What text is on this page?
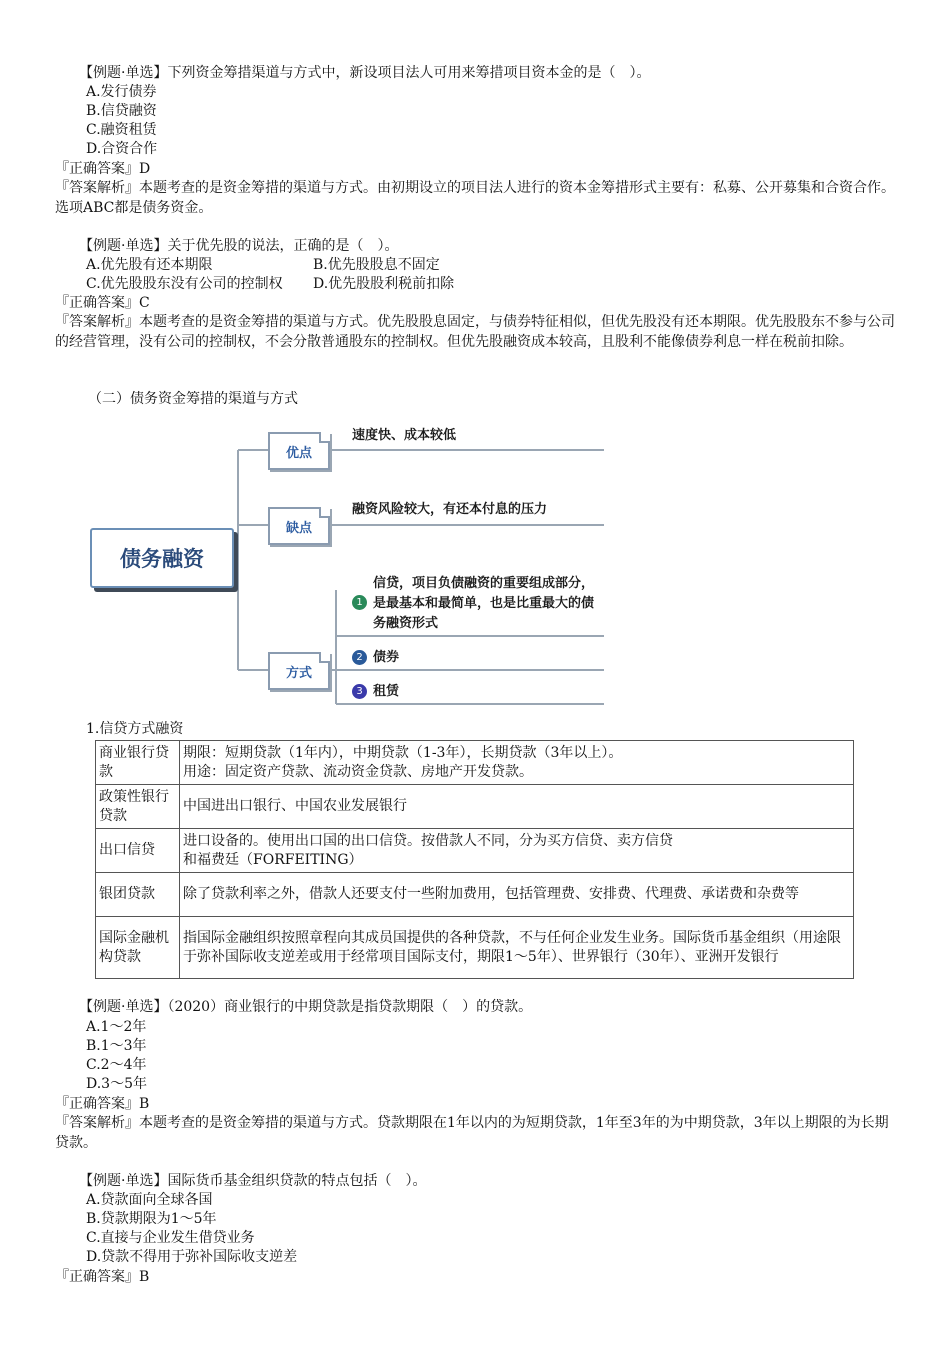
【例题·单选】下列资金筹措渠道与方式中，新设项目法人可用来筹措项目资本金的是（　）。
A.发行债券
B.信贷融资
C.融资租赁
D.合资合作
『正确答案』D
『答案解析』本题考查的是资金筹措的渠道与方式。由初期设立的项目法人进行的资本金筹措形式主要有：私募、公开募集和合资合作。选项ABC都是债务资金。
【例题·单选】关于优先股的说法，正确的是（　）。
A.优先股有还本期限	B.优先股股息不固定
C.优先股股东没有公司的控制权 D.优先股股利税前扣除
『正确答案』C
『答案解析』本题考查的是资金筹措的渠道与方式。优先股股息固定，与债券特征相似，但优先股没有还本期限。优先股股东不参与公司的经营管理，没有公司的控制权，不会分散普通股东的控制权。但优先股融资成本较高，且股利不能像债券利息一样在税前扣除。
（二）债务资金筹措的渠道与方式
债务融资
优点
速度快、成本较低
缺点
融资风险较大，有还本付息的压力
方式
1
信贷，项目负债融资的重要组成部分，是最基本和最简单，也是比重最大的债务融资形式
2 债券
3 租赁
1.信贷方式融资
商业银行贷款	期限：短期贷款（1年内），中期贷款（1-3年），长期贷款（3年以上）。
用途：固定资产贷款、流动资金贷款、房地产开发贷款。

政策性银行贷款	中国进出口银行、中国农业发展银行
出口信贷	进口设备的。使用出口国的出口信贷。按借款人不同，分为买方信贷、卖方信贷和福费廷（FORFEITING）
银团贷款	除了贷款利率之外，借款人还要支付一些附加费用，包括管理费、安排费、代理费、承诺费和杂费等
国际金融机构贷款	指国际金融组织按照章程向其成员国提供的各种贷款，不与任何企业发生业务。国际货币基金组织（用途限于弥补国际收支逆差或用于经常项目国际支付，期限1～5年）、世界银行（30年）、亚洲开发银行
【例题·单选】（2020）商业银行的中期贷款是指贷款期限（　）的贷款。
A.1～2年
B.1～3年
C.2～4年
D.3～5年
『正确答案』B
『答案解析』本题考查的是资金筹措的渠道与方式。贷款期限在1年以内的为短期贷款，1年至3年的为中期贷款，3年以上期限的为长期贷款。
【例题·单选】国际货币基金组织贷款的特点包括（　）。
A.贷款面向全球各国
B.贷款期限为1～5年
C.直接与企业发生借贷业务
D.贷款不得用于弥补国际收支逆差
『正确答案』B
